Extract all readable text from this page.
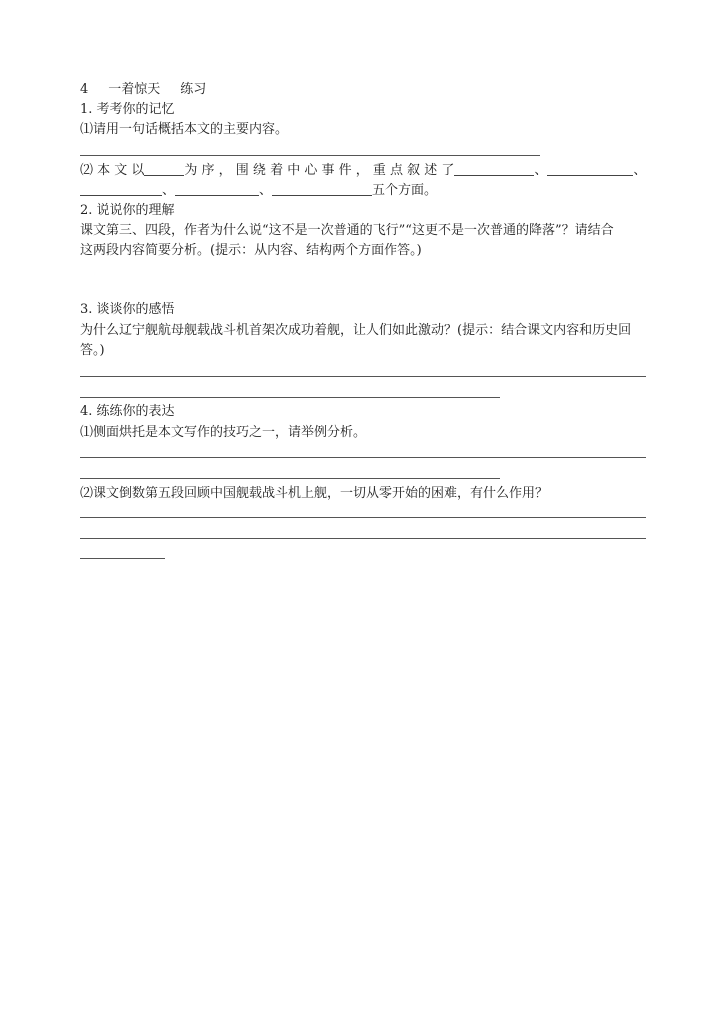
4 一着惊天 练习
1. 考考你的记忆
⑴请用一句话概括本文的主要内容。
⑵ 本 文 以	为 序 ， 围 绕 着 中 心 事 件 ， 重 点 叙 述 了	、	、
、	、	五个方面。
2. 说说你的理解
课文第三、四段，作者为什么说“这不是一次普通的飞行”“这更不是一次普通的降落”？请结合
这两段内容简要分析。(提示：从内容、结构两个方面作答。)
3. 谈谈你的感悟
为什么辽宁舰航母舰载战斗机首架次成功着舰，让人们如此激动？(提示：结合课文内容和历史回
答。)
4. 练练你的表达
⑴侧面烘托是本文写作的技巧之一，请举例分析。
⑵课文倒数第五段回顾中国舰载战斗机上舰，一切从零开始的困难，有什么作用？
